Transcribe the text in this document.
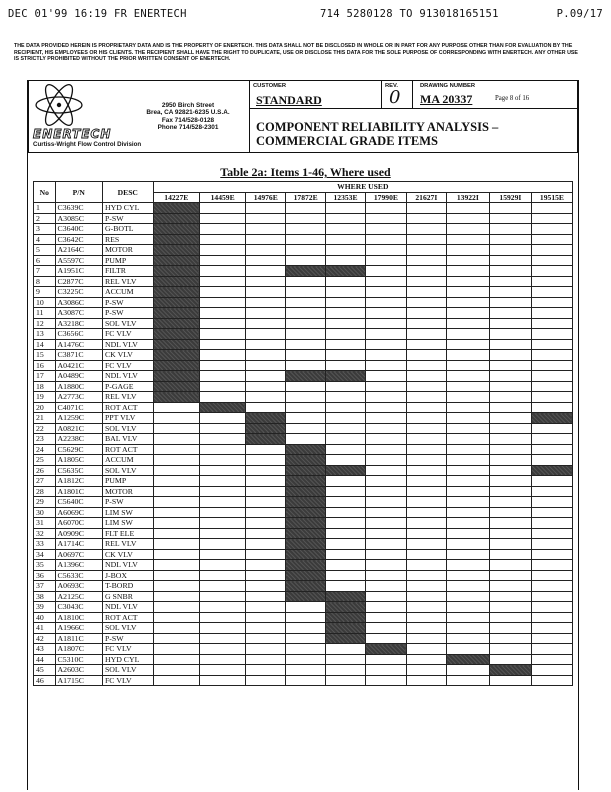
DEC 01'99 16:19 FR ENERTECH	714 5280128 TO 913018165151	P.09/17
THE DATA PROVIDED HEREIN IS PROPRIETARY DATA AND IS THE PROPERTY OF ENERTECH. THIS DATA SHALL NOT BE DISCLOSED IN WHOLE OR IN PART FOR ANY PURPOSE OTHER THAN FOR EVALUATION BY THE RECIPIENT, HIS EMPLOYEES OR HIS CLIENTS. THE RECIPIENT SHALL HAVE THE RIGHT TO DUPLICATE, USE OR DISCLOSE THIS DATA FOR THE SOLE PURPOSE OF CORRESPONDING WITH ENERTECH. ANY OTHER USE IS STRICTLY PROHIBITED WITHOUT THE PRIOR WRITTEN CONSENT OF ENERTECH.
2950 Birch Street
Brea, CA 92821-6235 U.S.A.
Fax 714/528-0128
Phone 714/528-2301
ENERTECH
Curtiss-Wright Flow Control Division
CUSTOMER
STANDARD
REV.
0
DRAWING NUMBER
MA 20337	Page 8 of 16
COMPONENT RELIABILITY ANALYSIS –
COMMERCIAL GRADE ITEMS
Table 2a: Items 1-46, Where used
No	P/N	DESC	WHERE USED									
			14227E	14459E	14976E	17872E	12353E	17990E	21627I	13922I	15929I	19515E
1	C3639C	HYD CYL										
2	A3085C	P-SW										
3	C3640C	G-BOTL										
4	C3642C	RES										
5	A2164C	MOTOR										
6	A5597C	PUMP										
7	A1951C	FILTR										
8	C2877C	REL VLV										
9	C3225C	ACCUM										
10	A3086C	P-SW										
11	A3087C	P-SW										
12	A3218C	SOL VLV										
13	C3656C	FC VLV										
14	A1476C	NDL VLV										
15	C3871C	CK VLV										
16	A0421C	FC VLV										
17	A0489C	NDL VLV										
18	A1880C	P-GAGE										
19	A2773C	REL VLV										
20	C4071C	ROT ACT										
21	A1259C	PPT VLV										
22	A0821C	SOL VLV										
23	A2238C	BAL VLV										
24	C5629C	ROT ACT										
25	A1805C	ACCUM										
26	C5635C	SOL VLV										
27	A1812C	PUMP										
28	A1801C	MOTOR										
29	C5640C	P-SW										
30	A6069C	LIM SW										
31	A6070C	LIM SW										
32	A0909C	FLT ELE										
33	A1714C	REL VLV										
34	A0697C	CK VLV										
35	A1396C	NDL VLV										
36	C5633C	J-BOX										
37	A0693C	T-BORD										
38	A2125C	G SNBR										
39	C3043C	NDL VLV										
40	A1810C	ROT ACT										
41	A1966C	SOL VLV										
42	A1811C	P-SW										
43	A1807C	FC VLV										
44	C5310C	HYD CYL										
45	A2603C	SOL VLV										
46	A1715C	FC VLV										
